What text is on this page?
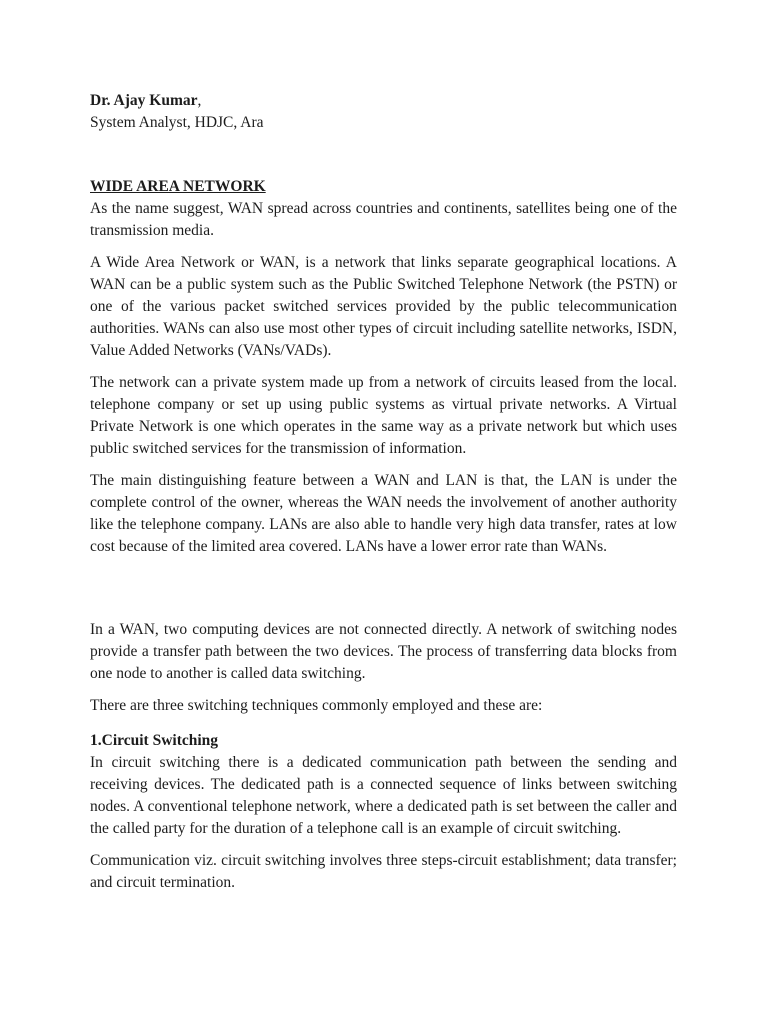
Dr. Ajay Kumar,

System Analyst, HDJC, Ara

WIDE AREA NETWORK

As the name suggest, WAN spread across countries and continents, satellites being one of the transmission media.

A Wide Area Network or WAN, is a network that links separate geographical locations. A WAN can be a public system such as the Public Switched Telephone Network (the PSTN) or one of the various packet switched services provided by the public telecommunication authorities. WANs can also use most other types of circuit including satellite networks, ISDN, Value Added Networks (VANs/VADs).

The network can a private system made up from a network of circuits leased from the local. telephone company or set up using public systems as virtual private networks. A Virtual Private Network is one which operates in the same way as a private network but which uses public switched services for the transmission of information.

The main distinguishing feature between a WAN and LAN is that, the LAN is under the complete control of the owner, whereas the WAN needs the involvement of another authority like the telephone company. LANs are also able to handle very high data transfer, rates at low cost because of the limited area covered. LANs have a lower error rate than WANs.

In a WAN, two computing devices are not connected directly. A network of switching nodes provide a transfer path between the two devices. The process of transferring data blocks from one node to another is called data switching.

There are three switching techniques commonly employed and these are:

1.Circuit Switching

In circuit switching there is a dedicated communication path between the sending and receiving devices. The dedicated path is a connected sequence of links between switching nodes. A conventional telephone network, where a dedicated path is set between the caller and the called party for the duration of a telephone call is an example of circuit switching.

Communication viz. circuit switching involves three steps-circuit establishment; data transfer; and circuit termination.
